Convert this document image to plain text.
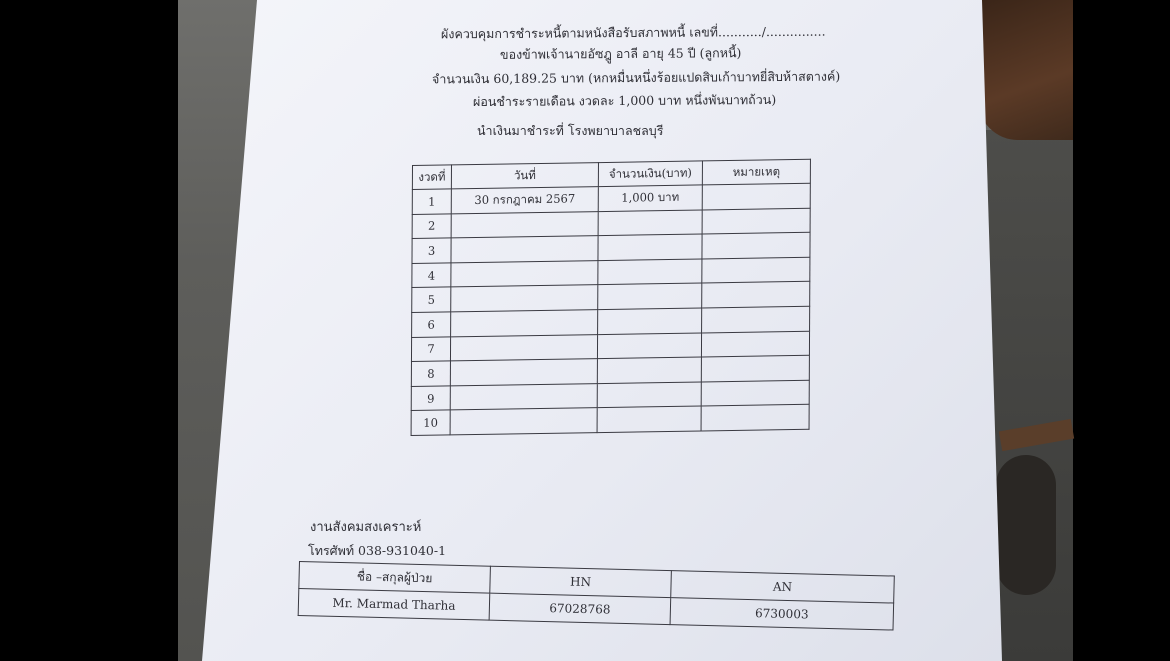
ผังควบคุมการชำระหนี้ตามหนังสือรับสภาพหนี้ เลขที่.........../...............
ของข้าพเจ้านายอัซฎู อาลี อายุ 45 ปี (ลูกหนี้)
จำนวนเงิน 60,189.25 บาท (หกหมื่นหนึ่งร้อยแปดสิบเก้าบาทยี่สิบห้าสตางค์)
ผ่อนชำระรายเดือน งวดละ 1,000 บาท หนึ่งพันบาทถ้วน)
นำเงินมาชำระที่ โรงพยาบาลชลบุรี
งวดที่	วันที่	จำนวนเงิน(บาท)	หมายเหตุ
1	30 กรกฎาคม 2567	1,000 บาท	
2			
3			
4			
5			
6			
7			
8			
9			
10			
งานสังคมสงเคราะห์
โทรศัพท์ 038-931040-1
ชื่อ –สกุลผู้ป่วย	HN	AN
Mr. Marmad Tharha	67028768	6730003
